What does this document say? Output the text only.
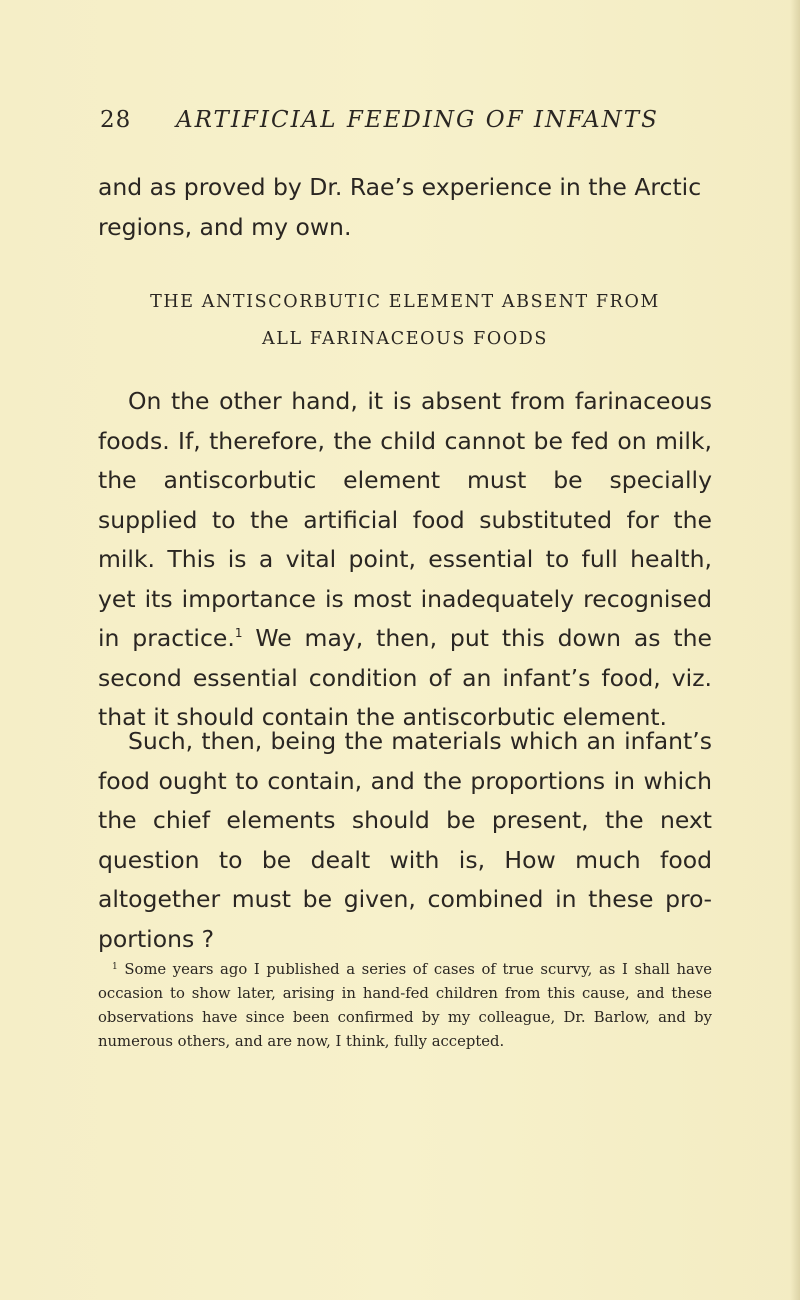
28 ARTIFICIAL FEEDING OF INFANTS
and as proved by Dr. Rae’s experience in the Arctic regions, and my own.
THE ANTISCORBUTIC ELEMENT ABSENT FROM
ALL FARINACEOUS FOODS
On the other hand, it is absent from farinaceous foods. If, therefore, the child cannot be fed on milk, the antiscorbutic element must be specially supplied to the artificial food substituted for the milk. This is a vital point, essential to full health, yet its importance is most inadequately recognised in practice.$^1$ We may, then, put this down as the second essential condition of an infant’s food, viz. that it should contain the antiscorbutic element.
Such, then, being the materials which an infant’s food ought to contain, and the proportions in which the chief elements should be present, the next question to be dealt with is, How much food altogether must be given, combined in these proportions ?
$^1$ Some years ago I published a series of cases of true scurvy, as I shall have occasion to show later, arising in hand-fed children from this cause, and these observations have since been confirmed by my colleague, Dr. Barlow, and by numerous others, and are now, I think, fully accepted.
